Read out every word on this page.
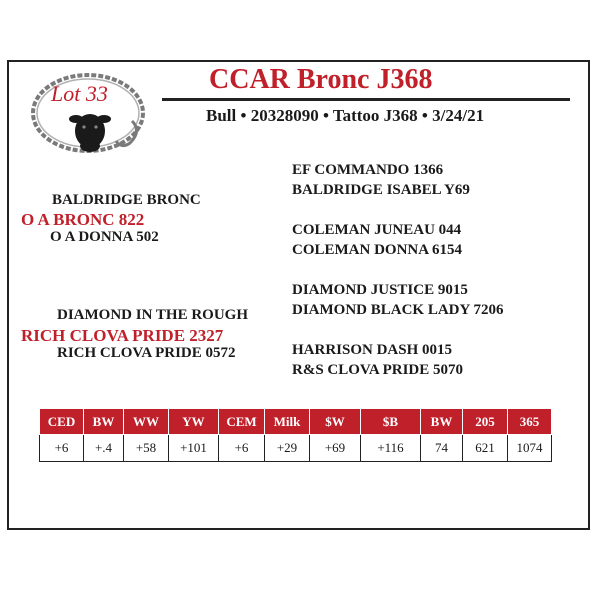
Lot 33	CCAR Bronc J368
Bull • 20328090 • Tattoo J368 • 3/24/21
BALDRIDGE BRONC
O A BRONC 822
O A DONNA 502
DIAMOND IN THE ROUGH
RICH CLOVA PRIDE 2327
RICH CLOVA PRIDE 0572
EF COMMANDO 1366
BALDRIDGE ISABEL Y69
COLEMAN JUNEAU 044
COLEMAN DONNA 6154
DIAMOND JUSTICE 9015
DIAMOND BLACK LADY 7206
HARRISON DASH 0015
R&S CLOVA PRIDE 5070
CED	BW	WW	YW	CEM	Milk	$W	$B	BW	205	365
+6	+.4	+58	+101	+6	+29	+69	+116	74	621	1074
